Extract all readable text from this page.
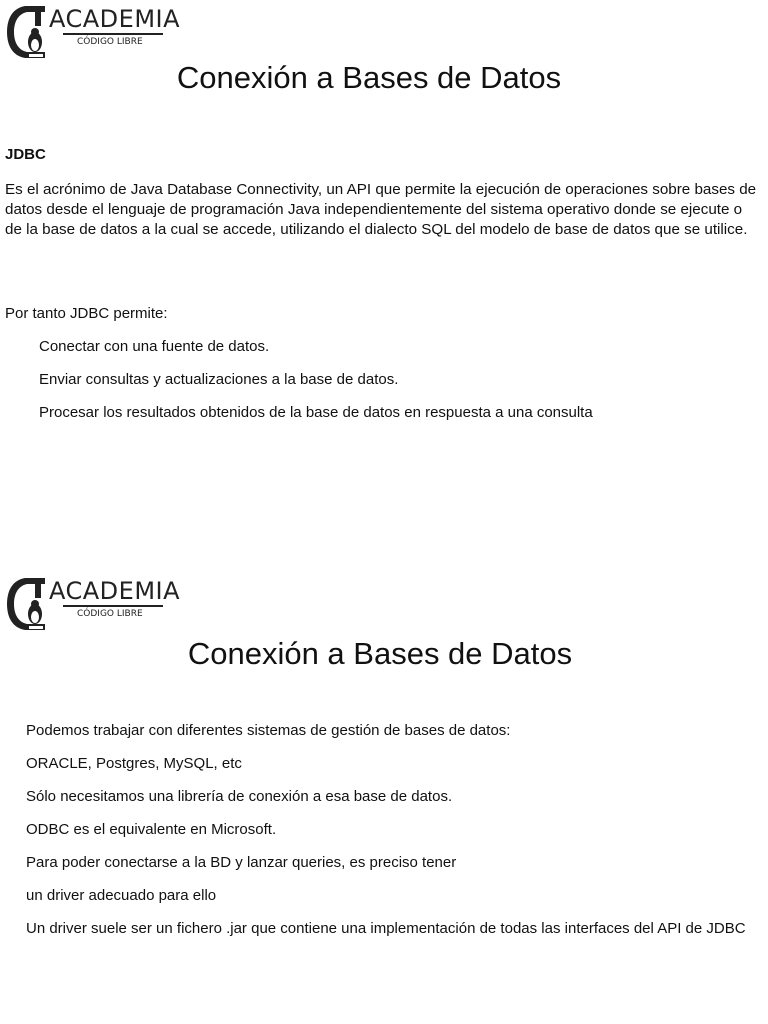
ACADEMIA
CÓDIGO LIBRE
Conexión a Bases de Datos
JDBC
Es el acrónimo de Java Database Connectivity, un API que permite la ejecución de operaciones sobre bases de datos desde el lenguaje de programación Java independientemente del sistema operativo donde se ejecute o de la base de datos a la cual se accede, utilizando el dialecto SQL del modelo de base de datos que se utilice.
Por tanto JDBC permite:
Conectar con una fuente de datos.
Enviar consultas y actualizaciones a la base de datos.
Procesar los resultados obtenidos de la base de datos en respuesta a una consulta
ACADEMIA
CÓDIGO LIBRE
Conexión a Bases de Datos
Podemos trabajar con diferentes sistemas de gestión de bases de datos:
ORACLE, Postgres, MySQL, etc
Sólo necesitamos una librería de conexión a esa base de datos.
ODBC es el equivalente en Microsoft.
Para poder conectarse a la BD y lanzar queries, es preciso tener
un driver adecuado para ello
Un driver suele ser un fichero .jar que contiene una implementación de todas las interfaces del API de JDBC
